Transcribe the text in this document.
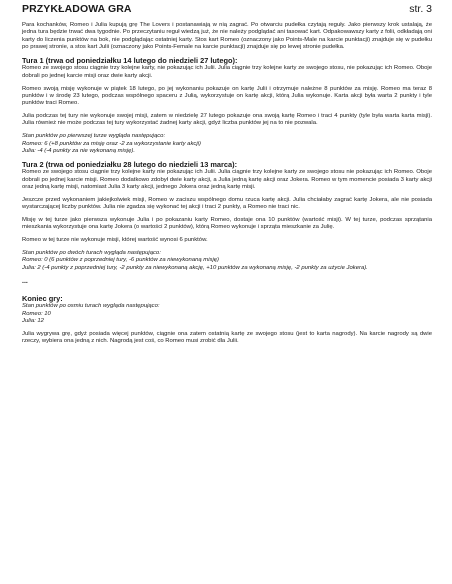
PRZYKŁADOWA GRA	str. 3

Para kochanków, Romeo i Julia kupują grę The Lovers i postanawiają w nią zagrać. Po otwarciu pudełka czytają reguły. Jako pierwszy krok ustalają, że jedna tura będzie trwać dwa tygodnie. Po przeczytaniu reguł wiedzą już, że nie należy podglądać ani tasować kart. Odpakowawszy karty z folii, odkładają oni karty do liczenia punktów na bok, nie podglądając ostatniej karty. Stos kart Romeo (oznaczony jako Points-Male na karcie punktacji) znajduje się w pudełku po prawej stronie, a stos kart Julii (oznaczony jako Points-Female na karcie punktacji) znajduje się po lewej stronie pudełka.

Tura 1 (trwa od poniedziałku 14 lutego do niedzieli 27 lutego):

Romeo ze swojego stosu ciągnie trzy kolejne karty, nie pokazując ich Julii. Julia ciągnie trzy kolejne karty ze swojego stosu, nie pokazując ich Romeo. Oboje dobrali po jednej karcie misji oraz dwie karty akcji.

Romeo swoją misję wykonuje w piątek 18 lutego, po jej wykonaniu pokazuje on kartę Julii i otrzymuje należne 8 punktów za misję. Romeo ma teraz 8 punktów i w środę 23 lutego, podczas wspólnego spaceru z Julią, wykorzystuje on kartę akcji, którą Julia wykonuje. Karta akcji była warta 2 punkty i tyle punktów traci Romeo.

Julia podczas tej tury nie wykonuje swojej misji, zatem w niedzielę 27 lutego pokazuje ona swoją kartę Romeo i traci 4 punkty (tyle była warta karta misji). Julia również nie może podczas tej tury wykorzystać żadnej karty akcji, gdyż liczba punktów jej na to nie pozwala.

Stan punktów po pierwszej turze wygląda następująco:
Romeo: 6 (+8 punktów za misję oraz -2 za wykorzystanie karty akcji)
Julia: -4 (-4 punkty za nie wykonaną misję).
Tura 2 (trwa od poniedziałku 28 lutego do niedzieli 13 marca):

Romeo ze swojego stosu ciągnie trzy kolejne karty nie pokazując ich Julii. Julia ciągnie trzy kolejne karty ze swojego stosu nie pokazując ich Romeo. Oboje dobrali po jednej karcie misji. Romeo dodatkowo zdobył dwie karty akcji, a Julia jedną kartę akcji oraz Jokera. Romeo w tym momencie posiada 3 karty akcji oraz jedną kartę misji, natomiast Julia 3 karty akcji, jednego Jokera oraz jedną kartę misji.

Jeszcze przed wykonaniem jakiejkolwiek misji, Romeo w zaciszu wspólnego domu rzuca kartę akcji. Julia chciałaby zagrać kartę Jokera, ale nie posiada wystarczającej liczby punktów. Julia nie zgadza się wykonać tej akcji i traci 2 punkty, a Romeo nie traci nic.

Misję w tej turze jako pierwsza wykonuje Julia i po pokazaniu karty Romeo, dostaje ona 10 punktów (wartość misji). W tej turze, podczas sprzątania mieszkania wykorzystuje ona kartę Jokera (o wartości 2 punktów), którą Romeo wykonuje i sprząta mieszkanie za Julię.

Romeo w tej turze nie wykonuje misji, której wartość wynosi 6 punktów.

Stan punktów po dwóch turach wygląda następująco:
Romeo: 0 (6 punktów z poprzedniej tury, -6 punktów za niewykonaną misję)
Julia: 2 (-4 punkty z poprzedniej tury, -2 punkty za niewykonaną akcję, +10 punktów za wykonaną misję, -2 punkty za użycie Jokera).
...
Koniec gry:
Stan punktów po osmiu turach wygląda następująco:
Romeo: 10
Julia: 12

Julia wygrywa grę, gdyż posiada więcej punktów, ciągnie ona zatem ostatnią kartę ze swojego stosu (jest to karta nagrody). Na karcie nagrody są dwie rzeczy, wybiera ona jedną z nich. Nagrodą jest coś, co Romeo musi zrobić dla Julii.
